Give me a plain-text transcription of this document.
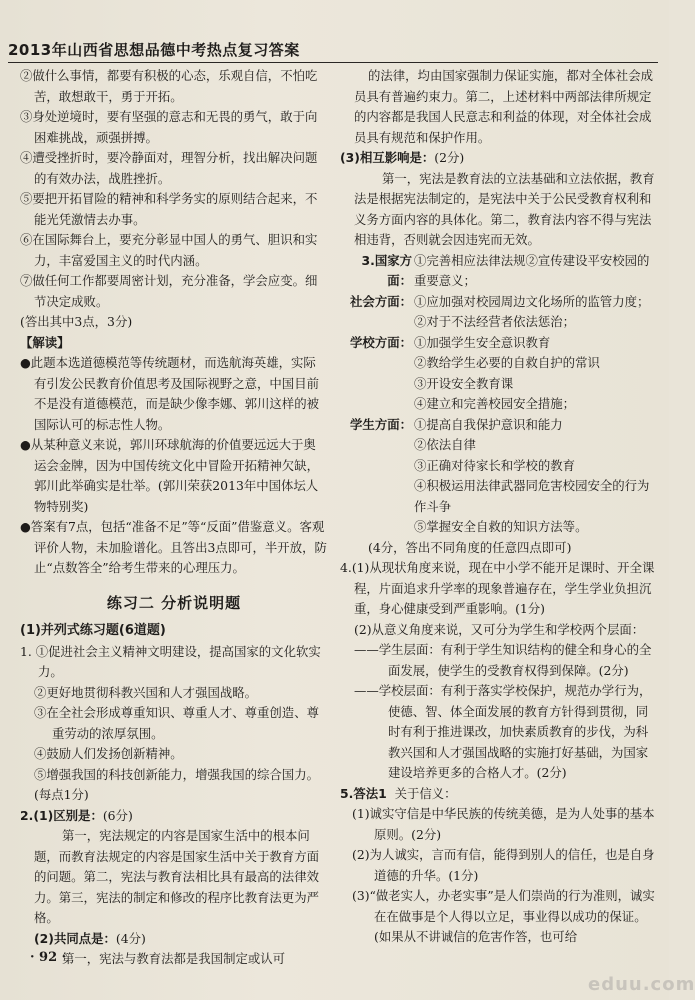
2013年山西省思想品德中考热点复习答案

②做什么事情，都要有积极的心态，乐观自信，不怕吃苦，敢想敢干，勇于开拓。

③身处逆境时，要有坚强的意志和无畏的勇气，敢于向困难挑战，顽强拼搏。

④遭受挫折时，要冷静面对，理智分析，找出解决问题的有效办法，战胜挫折。

⑤要把开拓冒险的精神和科学务实的原则结合起来，不能光凭激情去办事。

⑥在国际舞台上，要充分彰显中国人的勇气、胆识和实力，丰富爱国主义的时代内涵。

⑦做任何工作都要周密计划，充分准备，学会应变。细节决定成败。

(答出其中3点，3分)

【解读】

●此题本选道德模范等传统题材，而选航海英雄，实际有引发公民教育价值思考及国际视野之意，中国目前不是没有道德模范，而是缺少像李娜、郭川这样的被国际认可的标志性人物。

●从某种意义来说，郭川环球航海的价值要远远大于奥运会金牌，因为中国传统文化中冒险开拓精神欠缺，郭川此举确实是壮举。(郭川荣获2013年中国体坛人物特别奖)

●答案有7点，包括“准备不足”等“反面”借鉴意义。客观评价人物，未加脸谱化。且答出3点即可，半开放，防止“点数答全”给考生带来的心理压力。

练习二 分析说明题

(1)并列式练习题(6道题)

1. ①促进社会主义精神文明建设，提高国家的文化软实力。

②更好地贯彻科教兴国和人才强国战略。

③在全社会形成尊重知识、尊重人才、尊重创造、尊重劳动的浓厚氛围。

④鼓励人们发扬创新精神。

⑤增强我国的科技创新能力，增强我国的综合国力。

(每点1分)

2.(1)区别是：(6分)

第一，宪法规定的内容是国家生活中的根本问题，而教育法规定的内容是国家生活中关于教育方面的问题。第二，宪法与教育法相比具有最高的法律效力。第三，宪法的制定和修改的程序比教育法更为严格。

(2)共同点是：(4分)

第一，宪法与教育法都是我国制定或认可

的法律，均由国家强制力保证实施，都对全体社会成员具有普遍约束力。第二，上述材料中两部法律所规定的内容都是我国人民意志和利益的体现，对全体社会成员具有规范和保护作用。

(3)相互影响是：(2分)

第一，宪法是教育法的立法基础和立法依据，教育法是根据宪法制定的，是宪法中关于公民受教育权利和义务方面内容的具体化。第二，教育法内容不得与宪法相违背，否则就会因违宪而无效。

3.国家方面：
①完善相应法律法规②宣传建设平安校园的重要意义；
社会方面： ①应加强对校园周边文化场所的监管力度；

②对于不法经营者依法惩治；

学校方面： ①加强学生安全意识教育

②教给学生必要的自救自护的常识

③开设安全教育课

④建立和完善校园安全措施；

学生方面： ①提高自我保护意识和能力

②依法自律

③正确对待家长和学校的教育

④积极运用法律武器同危害校园安全的行为作斗争

⑤掌握安全自救的知识方法等。

(4分，答出不同角度的任意四点即可)

4.(1)从现状角度来说，现在中小学不能开足课时、开全课程，片面追求升学率的现象普遍存在，学生学业负担沉重，身心健康受到严重影响。(1分)

(2)从意义角度来说，又可分为学生和学校两个层面：

——学生层面：有利于学生知识结构的健全和身心的全面发展，使学生的受教育权得到保障。(2分)

——学校层面：有利于落实学校保护，规范办学行为，使德、智、体全面发展的教育方针得到贯彻，同时有利于推进课改，加快素质教育的步伐，为科教兴国和人才强国战略的实施打好基础，为国家建设培养更多的合格人才。(2分)

5.答法1 关于信义：

(1)诚实守信是中华民族的传统美德，是为人处事的基本原则。(2分)

(2)为人诚实，言而有信，能得到别人的信任，也是自身道德的升华。(1分)

(3)“做老实人，办老实事”是人们崇尚的行为准则，诚实在在做事是个人得以立足，事业得以成功的保证。(如果从不讲诚信的危害作答，也可给

· 92 ·
eduu.com
